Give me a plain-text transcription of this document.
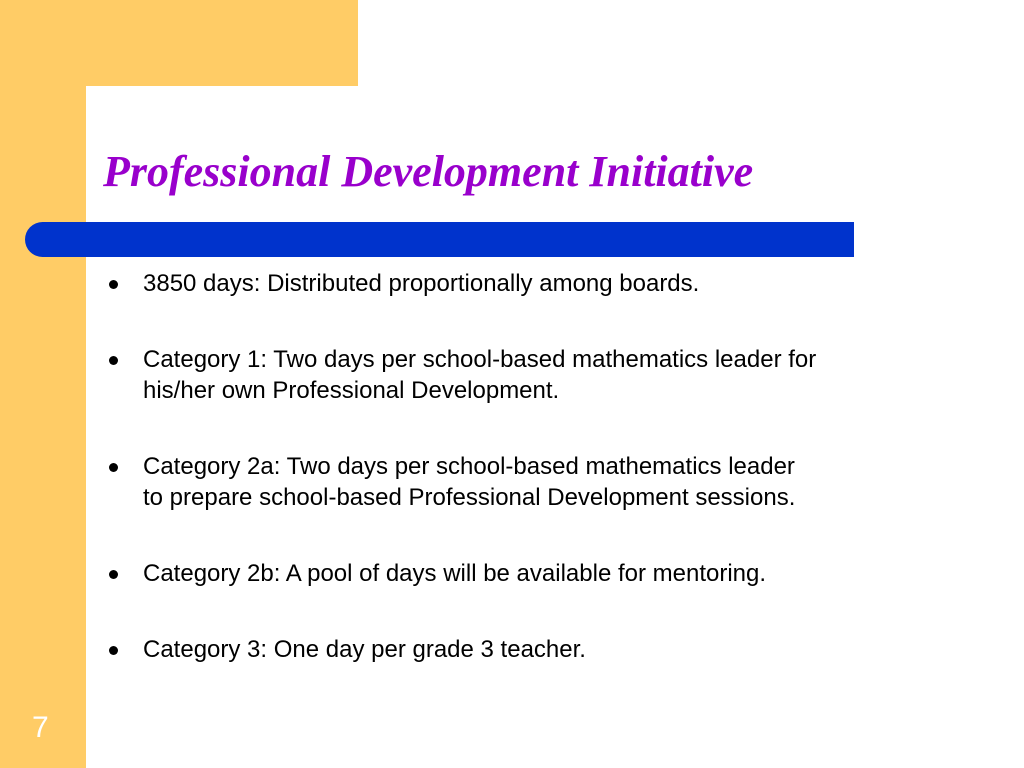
Professional Development Initiative
3850 days: Distributed proportionally among boards.
Category 1: Two days per school-based mathematics leader for
his/her own Professional Development.
Category 2a: Two days per school-based mathematics leader
to prepare school-based Professional Development sessions.
Category 2b: A pool of days will be available for mentoring.
Category 3: One day per grade 3 teacher.
7
